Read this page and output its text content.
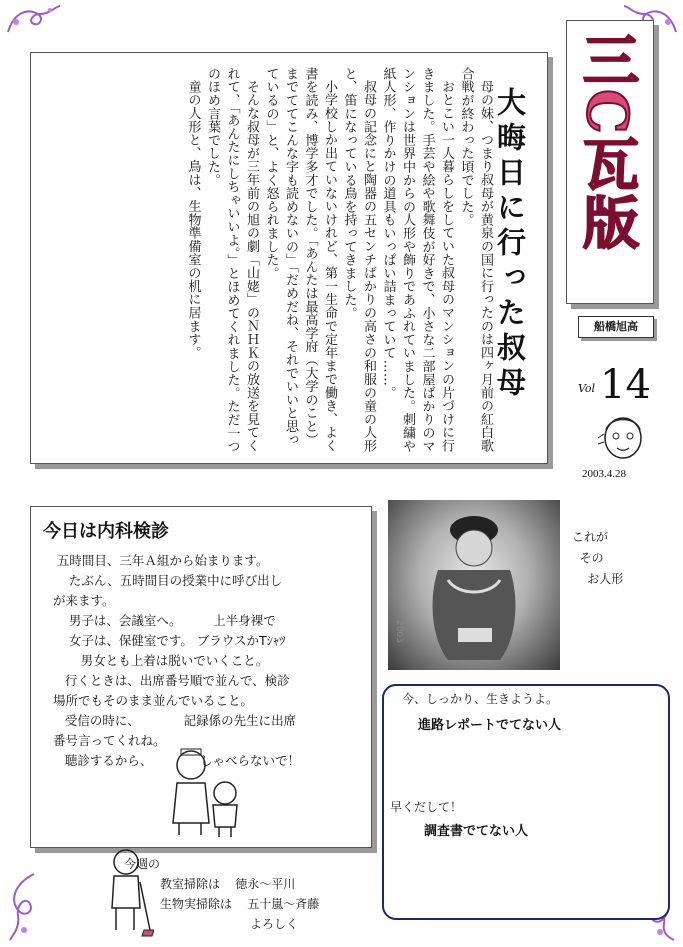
母の妹、つまり叔母が黄泉の国に行ったのは四ヶ月前の紅白歌合戦が終わった頃でした。

おとこい一人暮らしをしていた叔母のマンションの片づけに行きました。手芸や絵や歌舞伎が好きで、小さな二部屋ばかりのマンションは世界中からの人形や飾りであふれていました。刺繍や紙人形、作りかけの道具もいっぱい詰まっていて……。

叔母の記念にと陶器の五センチばかりの高さの和服の童の人形と、笛になっている鳥を持ってきました。

小学校しか出ていないけれど、第一生命で定年まで働き、よく書を読み、博学多才でした。「あんたは最高学府（大学のこと）までててこんな字も読めないの」「だめだね、それでいいと思っているの」と、よく怒られました。

そんな叔母が三年前の旭の劇「山姥」のＮＨＫの放送を見てくれて、「あんたにしちゃいいよ。」とほめてくれました。ただ一つのほめ言葉でした。

童の人形と、鳥は、生物準備室の机に居ます。	大晦日に行った叔母 三C瓦版
船橋旭高
Vol 14
2003.4.28
今日は内科検診
五時間目、三年Ａ組から始まります。
たぶん、五時間目の授業中に呼び出し
が来ます。
男子は、会議室へ。        上半身裸で
女子は、保健室です。 ブラウスかTｼｬﾂ
男女とも上着は脱いでいくこと。
行くときは、出席番号順で並んで、検診
場所でもそのまま並んでいること。
受信の時に、           記録係の先生に出席
番号言ってくれね。
聴診するから、            しゃべらないで！
2003
これが
その
お人形
今、しっかり、生きようよ。
進路レポートでてない人
早くだして！
調査書でてない人
今週の
教室掃除は    徳永〜平川
生物実掃除は    五十嵐〜斉藤
よろしく
